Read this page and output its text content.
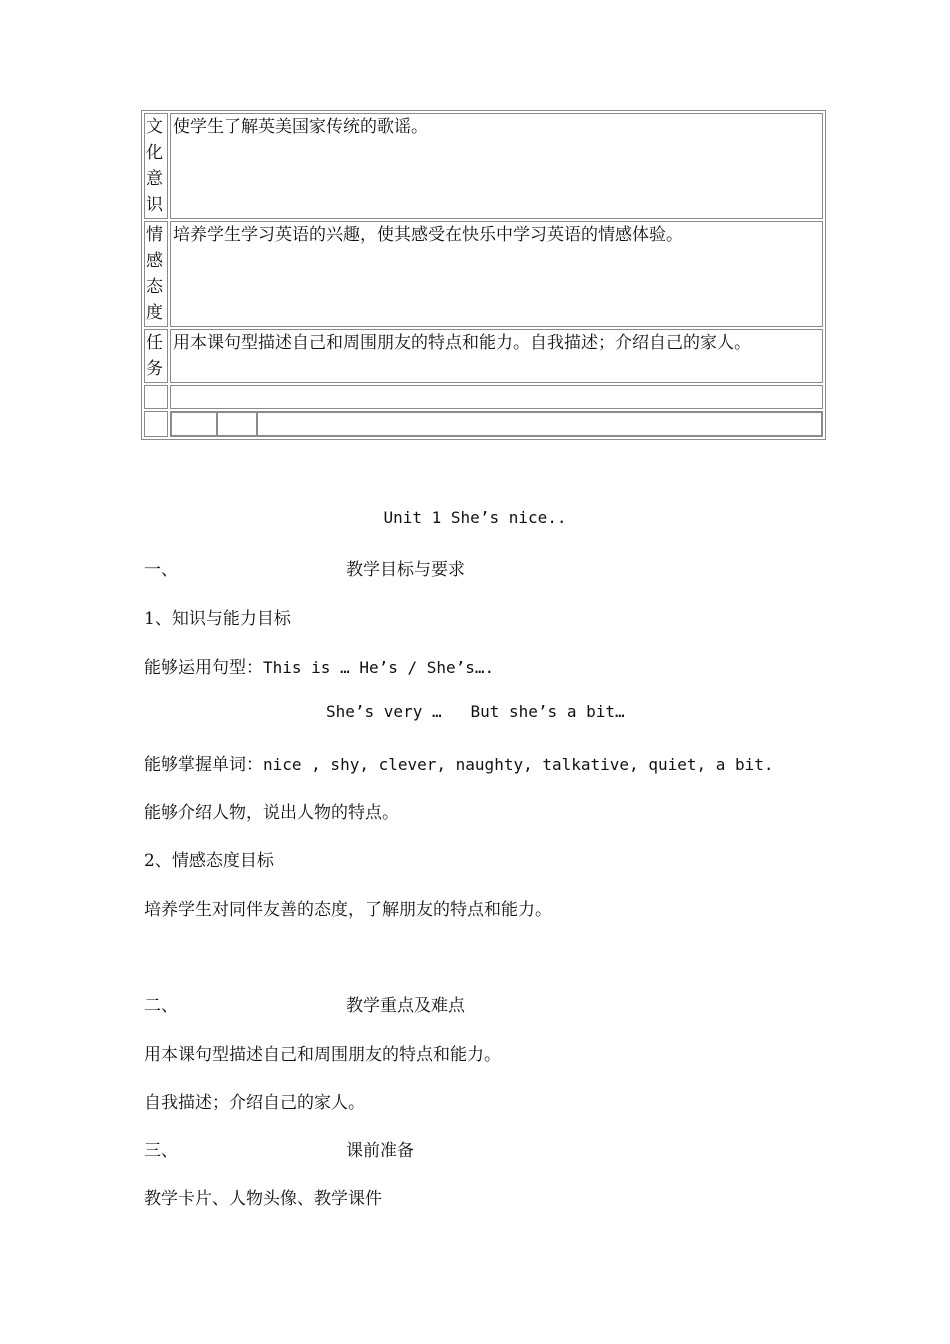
文化意识
	使学生了解英美国家传统的歌谣。

情感态度
	培养学生学习英语的兴趣，使其感受在快乐中学习英语的情感体验。

任务
	用本课句型描述自己和周围朋友的特点和能力。自我描述；介绍自己的家人。

Unit 1 She’s nice..
一、	教学目标与要求
1、知识与能力目标
能够运用句型：This is … He’s / She’s….
She’s very …   But she’s a bit…
能够掌握单词：nice , shy, clever, naughty, talkative, quiet, a bit.
能够介绍人物，说出人物的特点。
2、情感态度目标
培养学生对同伴友善的态度，了解朋友的特点和能力。
二、	教学重点及难点
用本课句型描述自己和周围朋友的特点和能力。
自我描述；介绍自己的家人。
三、	课前准备
教学卡片、人物头像、教学课件
